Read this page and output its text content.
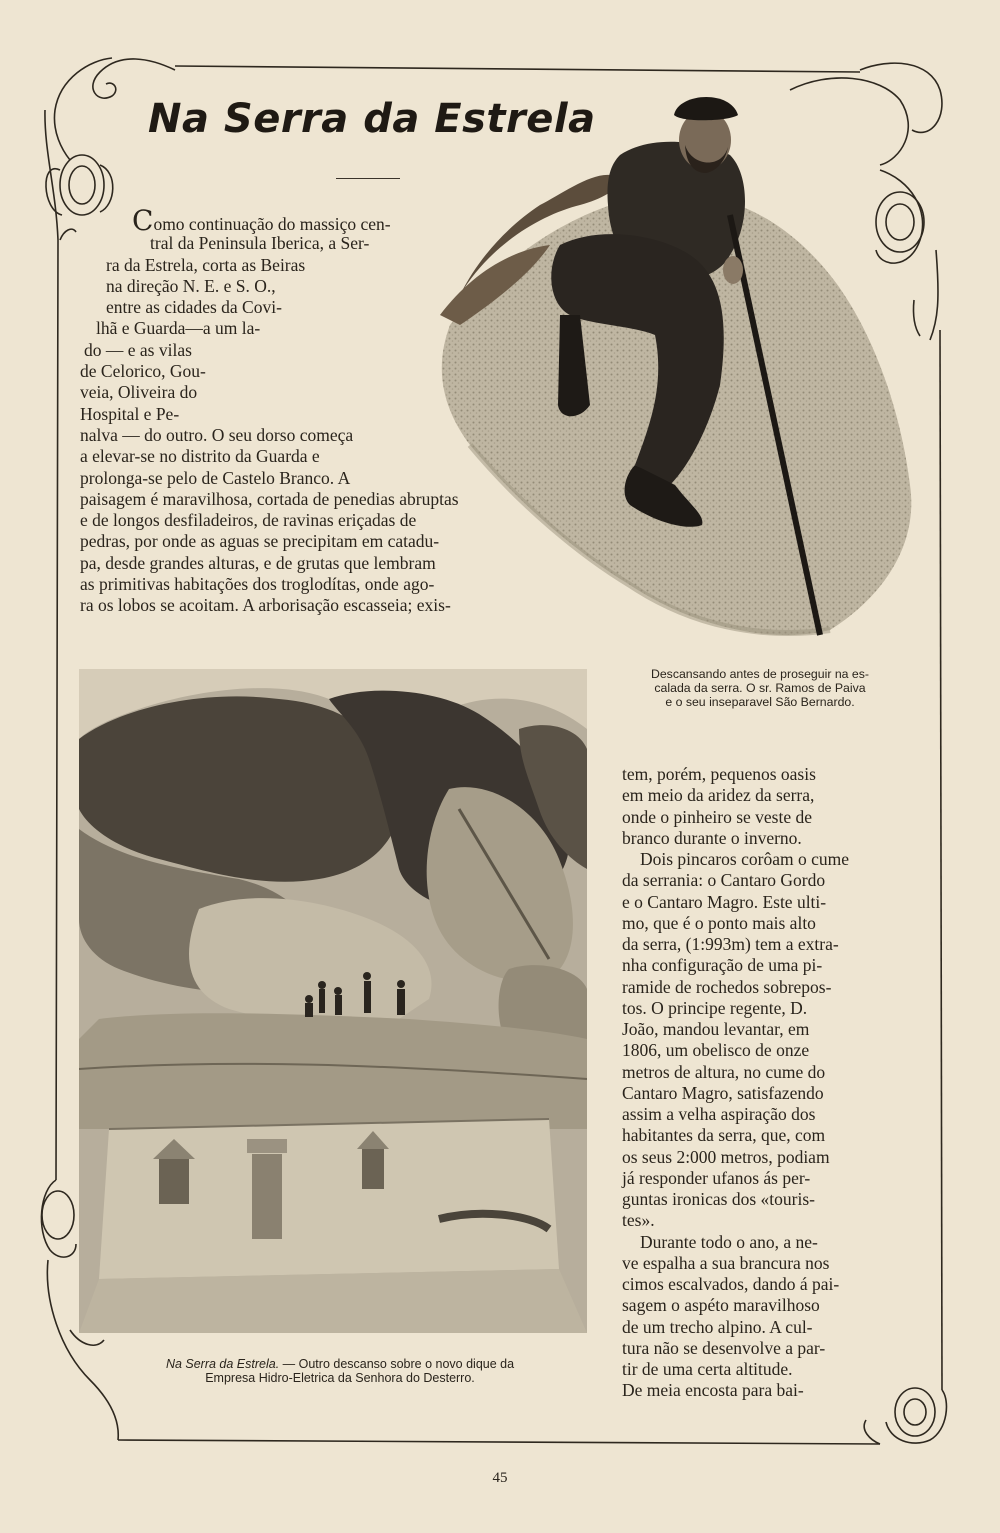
Na Serra da Estrela
Como continuação do massiço cen-
tral da Peninsula Iberica, a Ser-
ra da Estrela, corta as Beiras
na direção N. E. e S. O.,
entre as cidades da Covi-
lhã e Guarda—a um la-
do — e as vilas
de Celorico, Gou-
veia, Oliveira do
Hospital e Pe-
nalva — do outro. O seu dorso começa
a elevar-se no distrito da Guarda e
prolonga-se pelo de Castelo Branco. A
paisagem é maravilhosa, cortada de penedias abruptas
e de longos desfiladeiros, de ravinas eriçadas de
pedras, por onde as aguas se precipitam em catadu-
pa, desde grandes alturas, e de grutas que lembram
as primitivas habitações dos troglodítas, onde ago-
ra os lobos se acoitam. A arborisação escasseia; exis-
Descansando antes de proseguir na es-
calada da serra. O sr. Ramos de Paiva
e o seu inseparavel São Bernardo.
Na Serra da Estrela. — Outro descanso sobre o novo dique da
Empresa Hidro-Eletrica da Senhora do Desterro.
tem, porém, pequenos oasis
em meio da aridez da serra,
onde o pinheiro se veste de
branco durante o inverno.
Dois pincaros corôam o cume
da serrania: o Cantaro Gordo
e o Cantaro Magro. Este ulti-
mo, que é o ponto mais alto
da serra, (1:993m) tem a extra-
nha configuração de uma pi-
ramide de rochedos sobrepos-
tos. O principe regente, D.
João, mandou levantar, em
1806, um obelisco de onze
metros de altura, no cume do
Cantaro Magro, satisfazendo
assim a velha aspiração dos
habitantes da serra, que, com
os seus 2:000 metros, podiam
já responder ufanos ás per-
guntas ironicas dos «touris-
tes».
Durante todo o ano, a ne-
ve espalha a sua brancura nos
cimos escalvados, dando á pai-
sagem o aspéto maravilhoso
de um trecho alpino. A cul-
tura não se desenvolve a par-
tir de uma certa altitude.
De meia encosta para bai-
45
